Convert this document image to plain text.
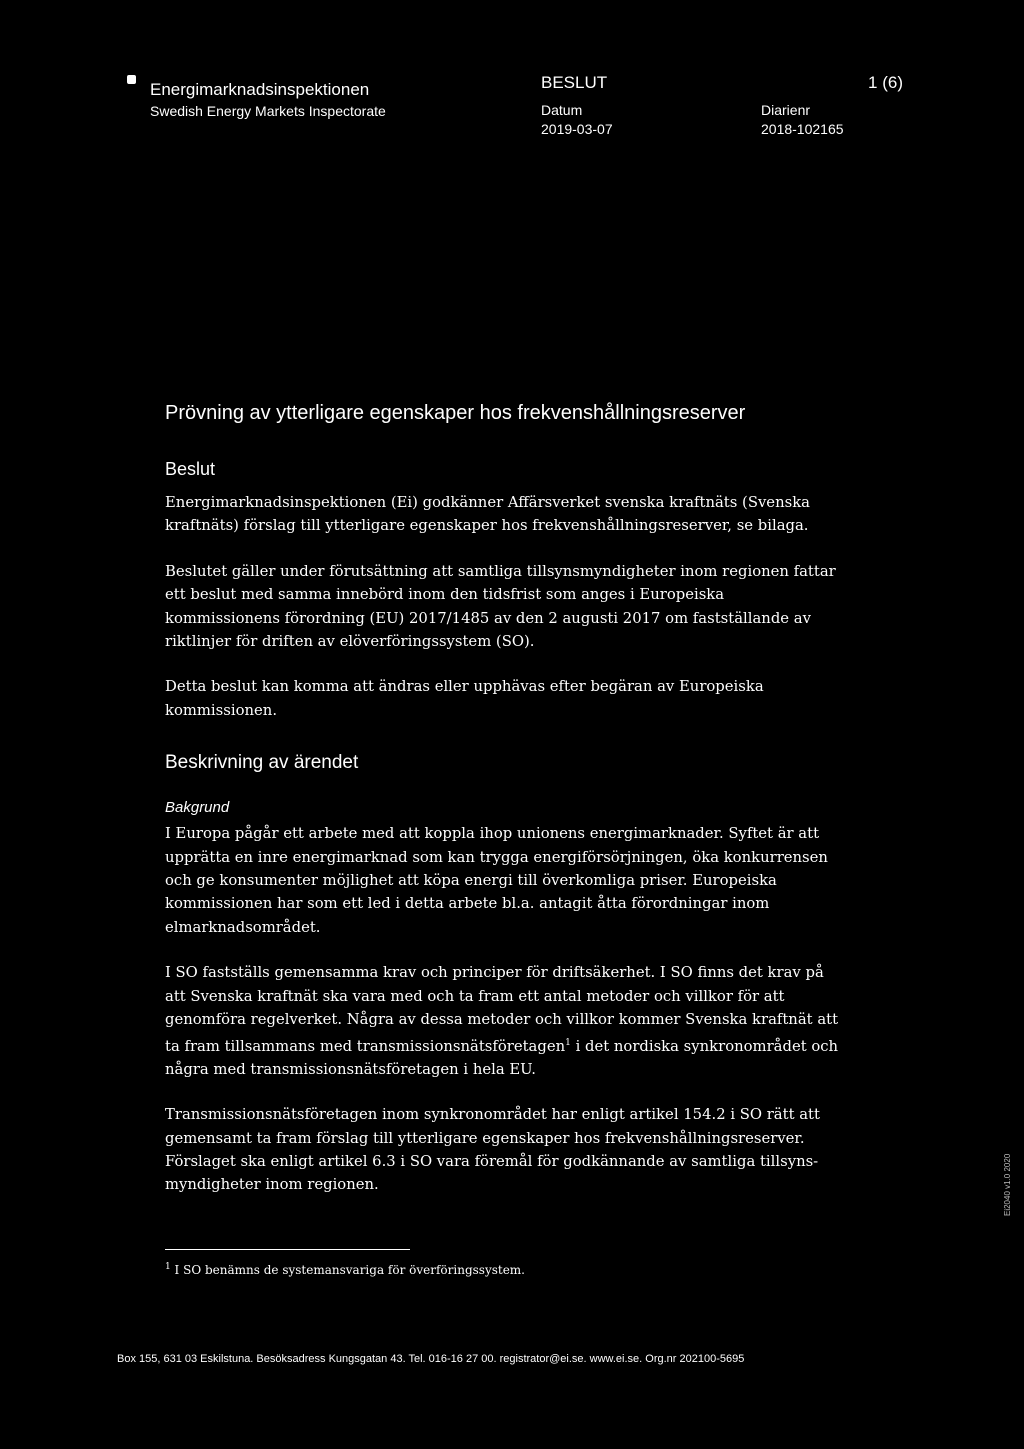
Energimarknadsinspektionen
Swedish Energy Markets Inspectorate
BESLUT	1 (6)
Datum
2019-03-07
Diarienr
2018-102165
Prövning av ytterligare egenskaper hos frekvenshållningsreserver
Beslut

Energimarknadsinspektionen (Ei) godkänner Affärsverket svenska kraftnäts (Svenska
kraftnäts) förslag till ytterligare egenskaper hos frekvenshållningsreserver, se bilaga.

Beslutet gäller under förutsättning att samtliga tillsynsmyndigheter inom regionen fattar
ett beslut med samma innebörd inom den tidsfrist som anges i Europeiska
kommissionens förordning (EU) 2017/1485 av den 2 augusti 2017 om fastställande av
riktlinjer för driften av elöverföringssystem (SO).

Detta beslut kan komma att ändras eller upphävas efter begäran av Europeiska
kommissionen.

Beskrivning av ärendet
Bakgrund

I Europa pågår ett arbete med att koppla ihop unionens energimarknader. Syftet är att
upprätta en inre energimarknad som kan trygga energiförsörjningen, öka konkurrensen
och ge konsumenter möjlighet att köpa energi till överkomliga priser. Europeiska
kommissionen har som ett led i detta arbete bl.a. antagit åtta förordningar inom
elmarknadsområdet.

I SO fastställs gemensamma krav och principer för driftsäkerhet. I SO finns det krav på
att Svenska kraftnät ska vara med och ta fram ett antal metoder och villkor för att
genomföra regelverket. Några av dessa metoder och villkor kommer Svenska kraftnät att
ta fram tillsammans med transmissionsnätsföretagen$^1$ i det nordiska synkronområdet och
några med transmissionsnätsföretagen i hela EU.

Transmissionsnätsföretagen inom synkronområdet har enligt artikel 154.2 i SO rätt att
gemensamt ta fram förslag till ytterligare egenskaper hos frekvenshållningsreserver.
Förslaget ska enligt artikel 6.3 i SO vara föremål för godkännande av samtliga tillsyns-
myndigheter inom regionen.

$^1$ I SO benämns de systemansvariga för överföringssystem.
Ei2040 v1.0 2020
Box 155, 631 03 Eskilstuna. Besöksadress Kungsgatan 43. Tel. 016-16 27 00. registrator@ei.se. www.ei.se. Org.nr 202100-5695
